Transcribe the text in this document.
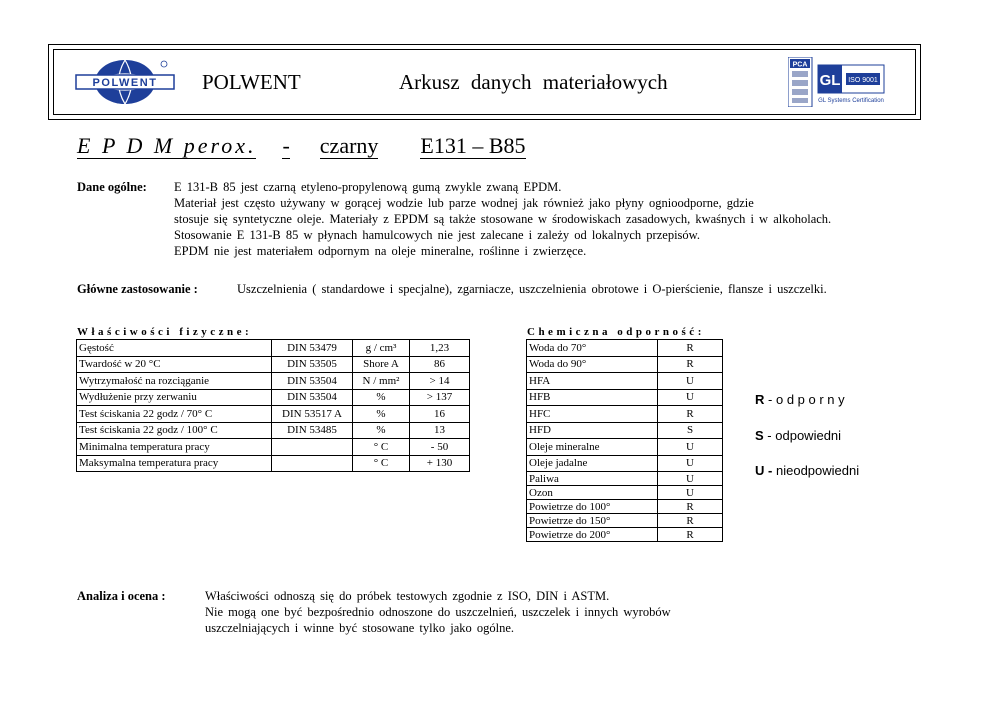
POLWENT POLWENT	Arkusz danych materiałowych
PCA
GL ISO 9001
GL Systems Certification
E P D M perox. - czarny E131 – B85
Dane ogólne: E 131-B 85 jest czarną etyleno-propylenową gumą zwykle zwaną EPDM.
Materiał jest często używany w gorącej wodzie lub parze wodnej jak również jako płyny ognioodporne, gdzie
stosuje się syntetyczne oleje. Materiały z EPDM są także stosowane w środowiskach zasadowych, kwaśnych i w alkoholach.
Stosowanie E 131-B 85 w płynach hamulcowych nie jest zalecane i zależy od lokalnych przepisów.
EPDM nie jest materiałem odpornym na oleje mineralne, roślinne i zwierzęce.
Główne zastosowanie :	Uszczelnienia ( standardowe i specjalne), zgarniacze, uszczelnienia obrotowe i O-pierścienie, flansze i uszczelki.
Właściwości fizyczne:
Gęstość	DIN 53479	g / cm³	1,23
Twardość w 20 °C	DIN 53505	Shore A	86
Wytrzymałość na rozciąganie	DIN 53504	N / mm²	> 14
Wydłużenie przy zerwaniu	DIN 53504	%	> 137
Test ściskania 22 godz / 70° C	DIN 53517 A	%	16
Test ściskania 22 godz / 100° C	DIN 53485	%	13
Minimalna temperatura pracy		° C	- 50
Maksymalna temperatura pracy		° C	+ 130
Chemiczna odporność:
Woda do 70°	R
Woda do 90°	R
HFA	U
HFB	U
HFC	R
HFD	S
Oleje mineralne	U
Oleje jadalne	U
Paliwa	U
Ozon	U
Powietrze do 100°	R
Powietrze do 150°	R
Powietrze do 200°	R
R - o d p o r n y
S - odpowiedni
U - nieodpowiedni
Analiza i ocena :	Właściwości odnoszą się do próbek testowych zgodnie z ISO, DIN i ASTM.
Nie mogą one być bezpośrednio odnoszone do uszczelnień, uszczelek i innych wyrobów
uszczelniających i winne być stosowane tylko jako ogólne.
